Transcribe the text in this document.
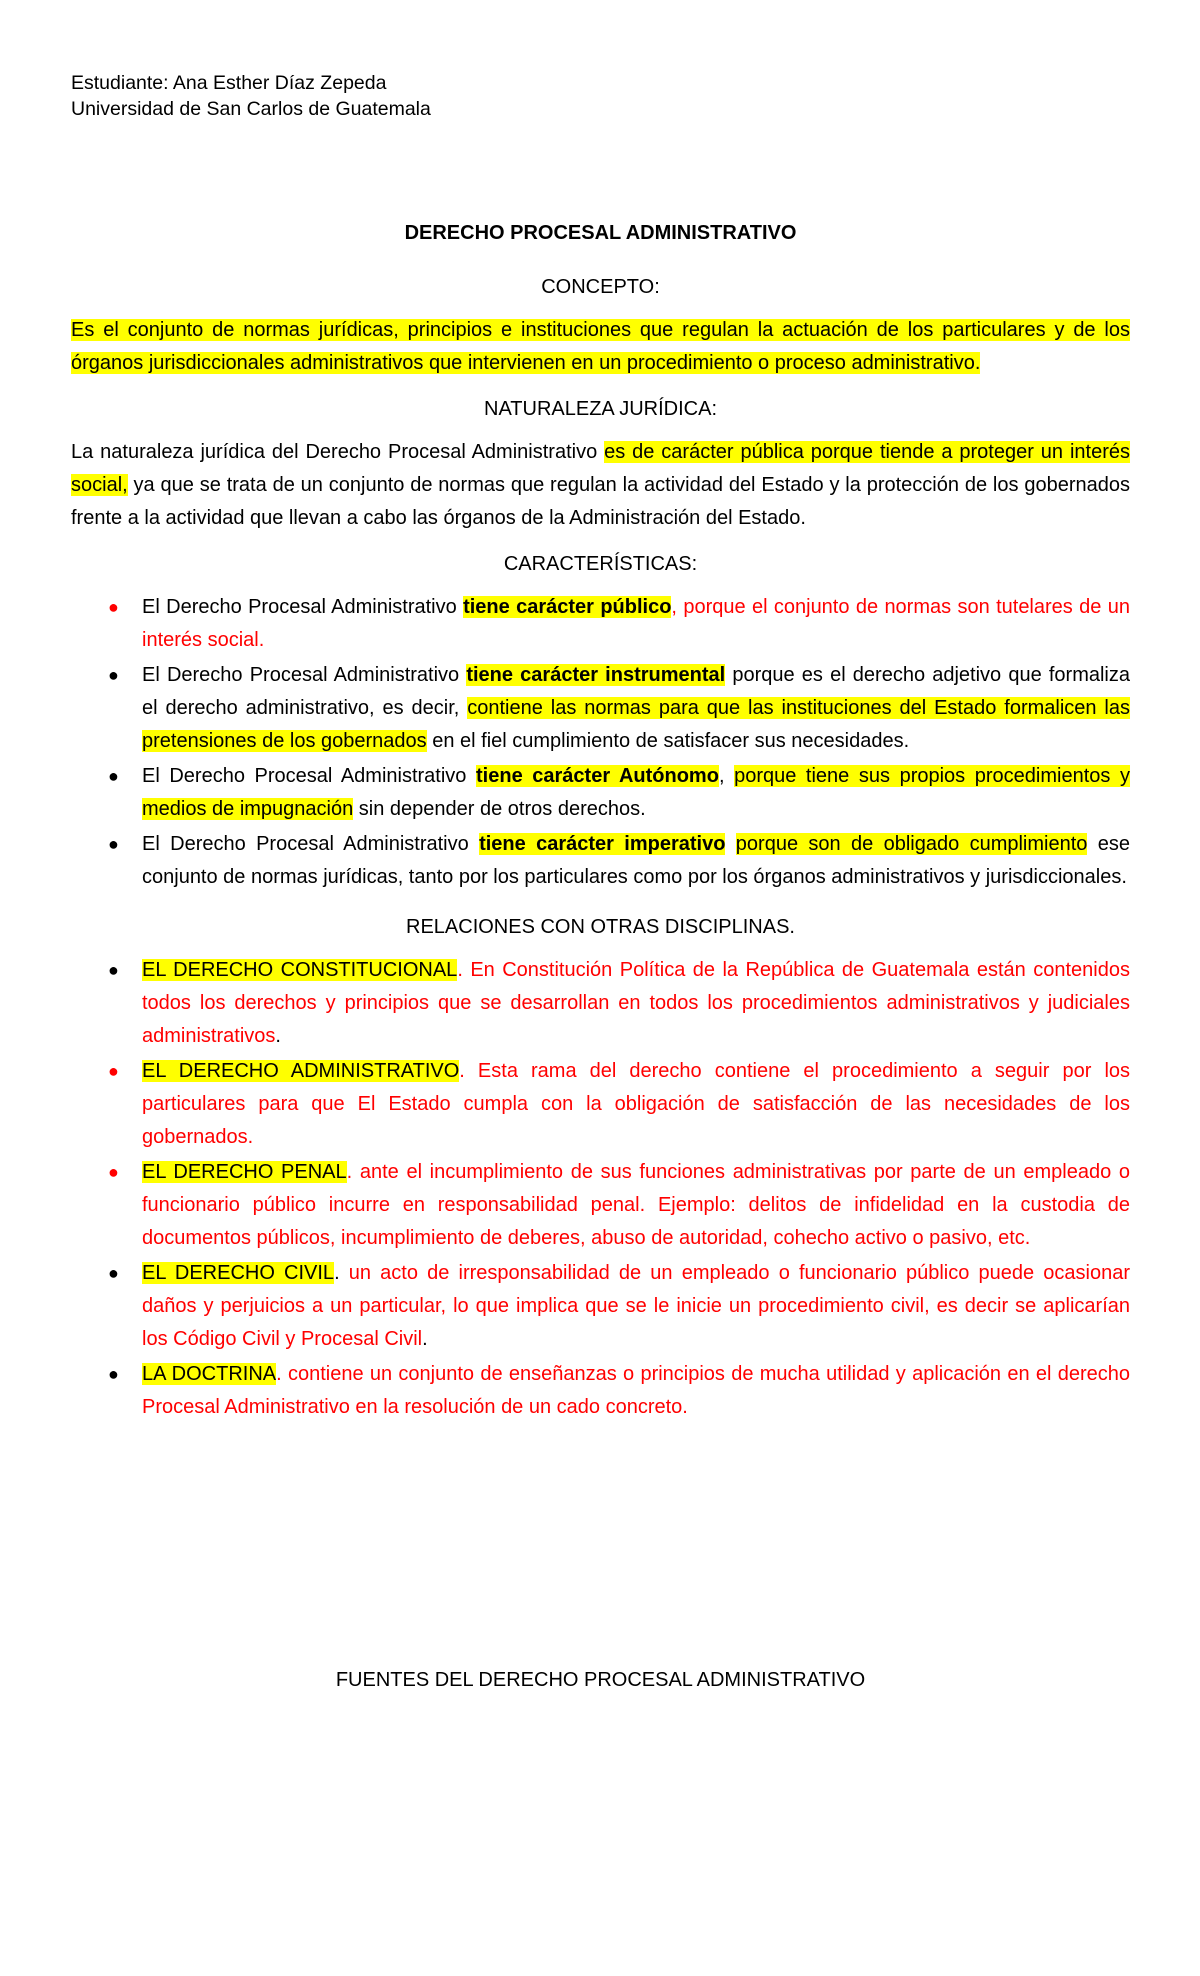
Estudiante: Ana Esther Díaz Zepeda
Universidad de San Carlos de Guatemala
DERECHO PROCESAL ADMINISTRATIVO
CONCEPTO:

Es el conjunto de normas jurídicas, principios e instituciones que regulan la actuación de los particulares y de los órganos jurisdiccionales administrativos que intervienen en un procedimiento o proceso administrativo.

NATURALEZA JURÍDICA:

La naturaleza jurídica del Derecho Procesal Administrativo es de carácter pública porque tiende a proteger un interés social, ya que se trata de un conjunto de normas que regulan la actividad del Estado y la protección de los gobernados frente a la actividad que llevan a cabo las órganos de la Administración del Estado.

CARACTERÍSTICAS:
● El Derecho Procesal Administrativo tiene carácter público, porque el conjunto de normas son tutelares de un interés social.
● El Derecho Procesal Administrativo tiene carácter instrumental porque es el derecho adjetivo que formaliza el derecho administrativo, es decir, contiene las normas para que las instituciones del Estado formalicen las pretensiones de los gobernados en el fiel cumplimiento de satisfacer sus necesidades.
● El Derecho Procesal Administrativo tiene carácter Autónomo, porque tiene sus propios procedimientos y medios de impugnación sin depender de otros derechos.
● El Derecho Procesal Administrativo tiene carácter imperativo porque son de obligado cumplimiento ese conjunto de normas jurídicas, tanto por los particulares como por los órganos administrativos y jurisdiccionales.
RELACIONES CON OTRAS DISCIPLINAS.
● EL DERECHO CONSTITUCIONAL. En Constitución Política de la República de Guatemala están contenidos todos los derechos y principios que se desarrollan en todos los procedimientos administrativos y judiciales administrativos.
● EL DERECHO ADMINISTRATIVO. Esta rama del derecho contiene el procedimiento a seguir por los particulares para que El Estado cumpla con la obligación de satisfacción de las necesidades de los gobernados.
● EL DERECHO PENAL. ante el incumplimiento de sus funciones administrativas por parte de un empleado o funcionario público incurre en responsabilidad penal. Ejemplo: delitos de infidelidad en la custodia de documentos públicos, incumplimiento de deberes, abuso de autoridad, cohecho activo o pasivo, etc.
● EL DERECHO CIVIL. un acto de irresponsabilidad de un empleado o funcionario público puede ocasionar daños y perjuicios a un particular, lo que implica que se le inicie un procedimiento civil, es decir se aplicarían los Código Civil y Procesal Civil.
● LA DOCTRINA. contiene un conjunto de enseñanzas o principios de mucha utilidad y aplicación en el derecho Procesal Administrativo en la resolución de un cado concreto.
FUENTES DEL DERECHO PROCESAL ADMINISTRATIVO
